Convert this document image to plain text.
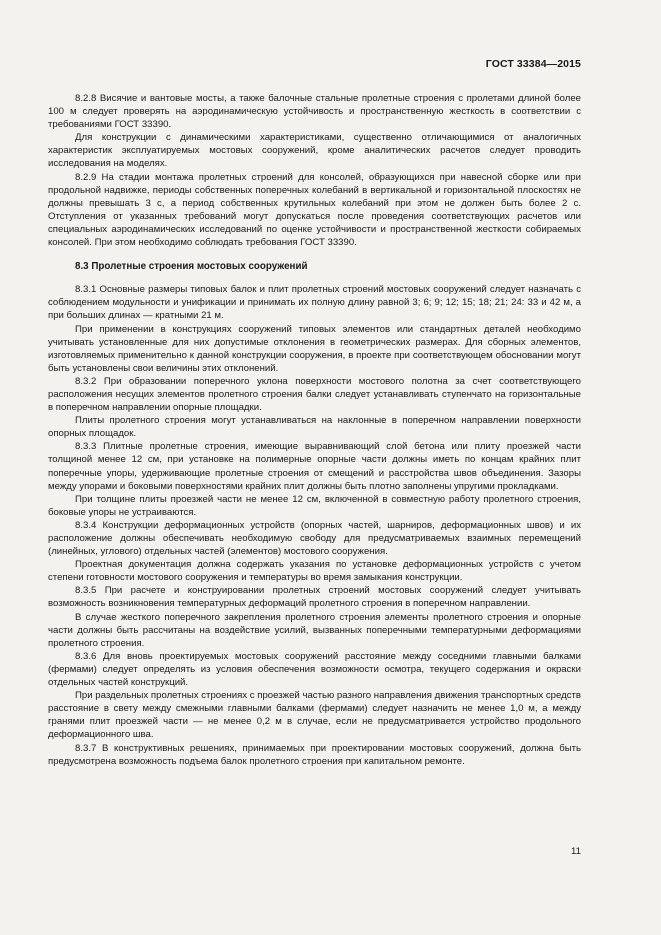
ГОСТ 33384—2015

8.2.8 Висячие и вантовые мосты, а также балочные стальные пролетные строения с пролетами длиной более 100 м следует проверять на аэродинамическую устойчивость и пространственную жесткость в соответствии с требованиями ГОСТ 33390.

Для конструкции с динамическими характеристиками, существенно отличающимися от аналогичных характеристик эксплуатируемых мостовых сооружений, кроме аналитических расчетов следует проводить исследования на моделях.

8.2.9 На стадии монтажа пролетных строений для консолей, образующихся при навесной сборке или при продольной надвижке, периоды собственных поперечных колебаний в вертикальной и горизонтальной плоскостях не должны превышать 3 с, а период собственных крутильных колебаний при этом не должен быть более 2 с. Отступления от указанных требований могут допускаться после проведения соответствующих расчетов или специальных аэродинамических исследований по оценке устойчивости и пространственной жесткости собираемых консолей. При этом необходимо соблюдать требования ГОСТ 33390.

8.3 Пролетные строения мостовых сооружений

8.3.1 Основные размеры типовых балок и плит пролетных строений мостовых сооружений следует назначать с соблюдением модульности и унификации и принимать их полную длину равной 3; 6; 9; 12; 15; 18; 21; 24: 33 и 42 м, а при больших длинах — кратными 21 м.

При применении в конструкциях сооружений типовых элементов или стандартных деталей необходимо учитывать установленные для них допустимые отклонения в геометрических размерах. Для сборных элементов, изготовляемых применительно к данной конструкции сооружения, в проекте при соответствующем обосновании могут быть установлены свои величины этих отклонений.

8.3.2 При образовании поперечного уклона поверхности мостового полотна за счет соответствующего расположения несущих элементов пролетного строения балки следует устанавливать ступенчато на горизонтальные в поперечном направлении опорные площадки.

Плиты пролетного строения могут устанавливаться на наклонные в поперечном направлении поверхности опорных площадок.

8.3.3 Плитные пролетные строения, имеющие выравнивающий слой бетона или плиту проезжей части толщиной менее 12 см, при установке на полимерные опорные части должны иметь по концам крайних плит поперечные упоры, удерживающие пролетные строения от смещений и расстройства швов объединения. Зазоры между упорами и боковыми поверхностями крайних плит должны быть плотно заполнены упругими прокладками.

При толщине плиты проезжей части не менее 12 см, включенной в совместную работу пролетного строения, боковые упоры не устраиваются.

8.3.4 Конструкции деформационных устройств (опорных частей, шарниров, деформационных швов) и их расположение должны обеспечивать необходимую свободу для предусматриваемых взаимных перемещений (линейных, углового) отдельных частей (элементов) мостового сооружения.

Проектная документация должна содержать указания по установке деформационных устройств с учетом степени готовности мостового сооружения и температуры во время замыкания конструкции.

8.3.5 При расчете и конструировании пролетных строений мостовых сооружений следует учитывать возможность возникновения температурных деформаций пролетного строения в поперечном направлении.

В случае жесткого поперечного закрепления пролетного строения элементы пролетного строения и опорные части должны быть рассчитаны на воздействие усилий, вызванных поперечными температурными деформациями пролетного строения.

8.3.6 Для вновь проектируемых мостовых сооружений расстояние между соседними главными балками (фермами) следует определять из условия обеспечения возможности осмотра, текущего содержания и окраски отдельных частей конструкций.

При раздельных пролетных строениях с проезжей частью разного направления движения транспортных средств расстояние в свету между смежными главными балками (фермами) следует назначить не менее 1,0 м, а между гранями плит проезжей части — не менее 0,2 м в случае, если не предусматривается устройство продольного деформационного шва.

8.3.7 В конструктивных решениях, принимаемых при проектировании мостовых сооружений, должна быть предусмотрена возможность подъема балок пролетного строения при капитальном ремонте.

11
